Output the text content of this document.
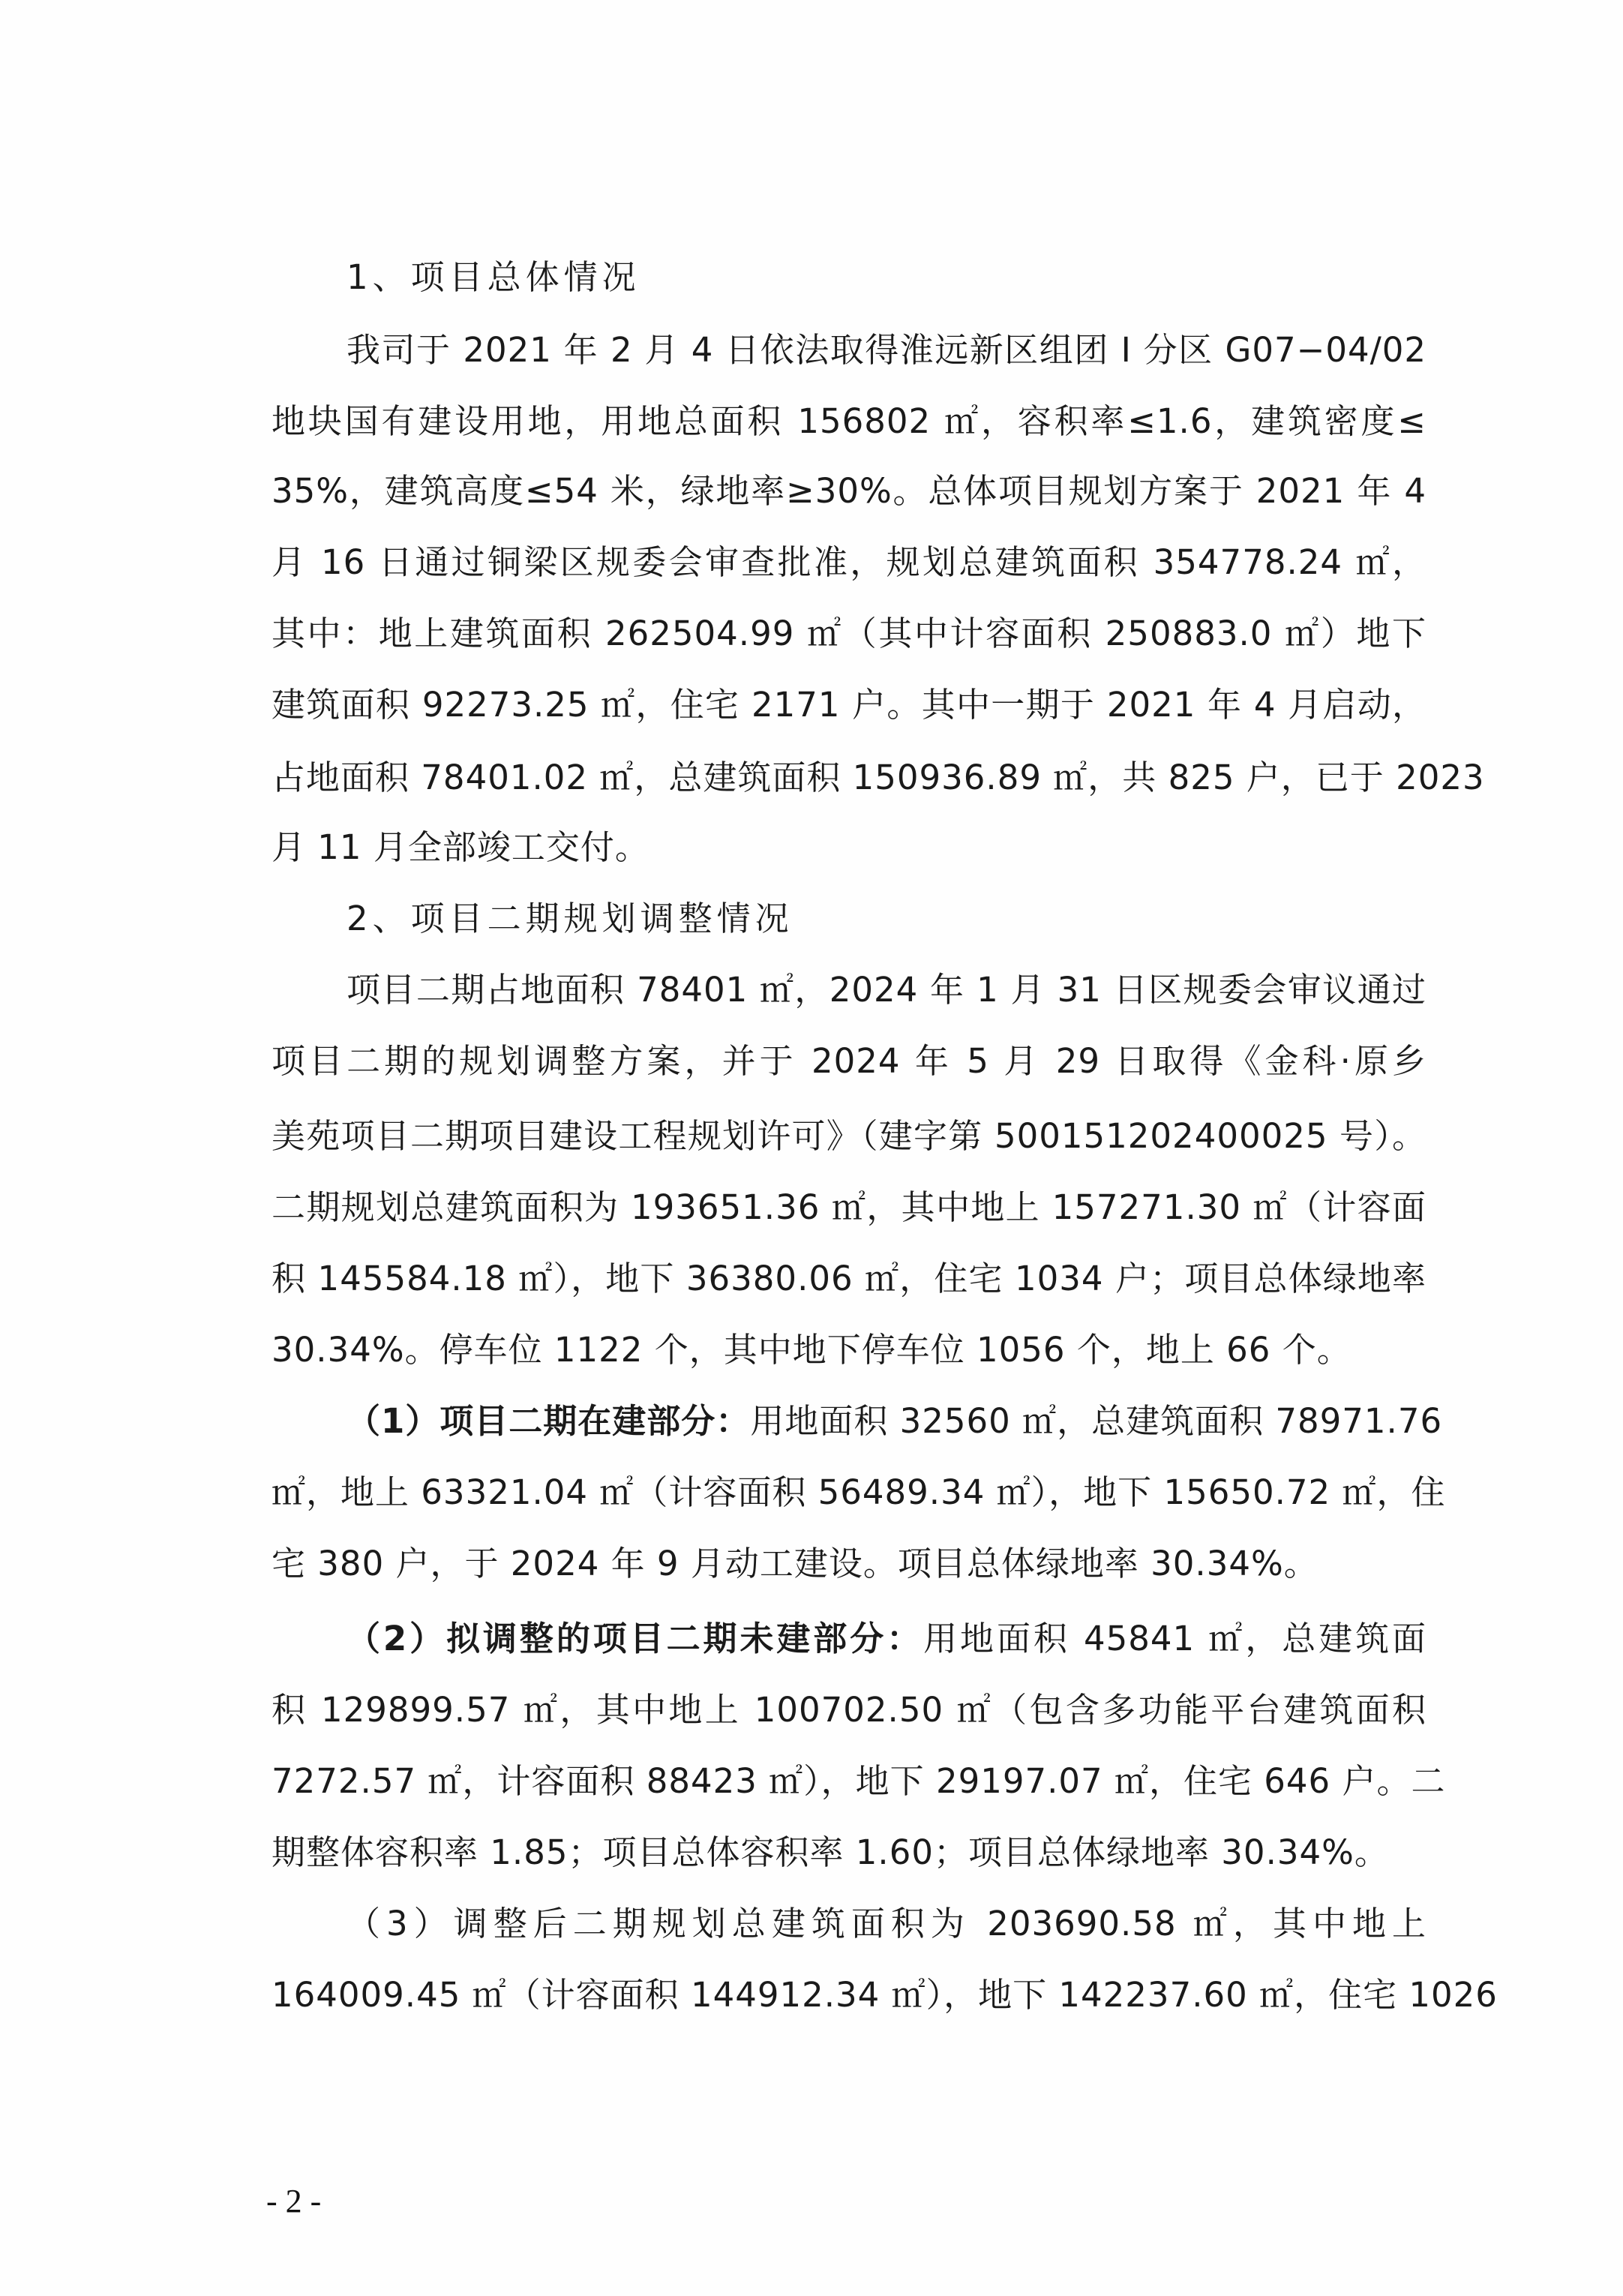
1、项目总体情况
我司于 2021 年 2 月 4 日依法取得淮远新区组团 I 分区 G07−04/02
地块国有建设用地，用地总面积 156802 ㎡，容积率≤1.6，建筑密度≤
35%，建筑高度≤54 米，绿地率≥30%。总体项目规划方案于 2021 年 4
月 16 日通过铜梁区规委会审查批准，规划总建筑面积 354778.24 ㎡，
其中：地上建筑面积 262504.99 ㎡（其中计容面积 250883.0 ㎡）地下
建筑面积 92273.25 ㎡，住宅 2171 户。其中一期于 2021 年 4 月启动，
占地面积 78401.02 ㎡，总建筑面积 150936.89 ㎡，共 825 户，已于 2023
月 11 月全部竣工交付。
2、项目二期规划调整情况
项目二期占地面积 78401 ㎡，2024 年 1 月 31 日区规委会审议通过
项目二期的规划调整方案，并于 2024 年 5 月 29 日取得《金科·原乡
美苑项目二期项目建设工程规划许可》（建字第 500151202400025 号）。
二期规划总建筑面积为 193651.36 ㎡，其中地上 157271.30 ㎡（计容面
积 145584.18 ㎡），地下 36380.06 ㎡，住宅 1034 户；项目总体绿地率
30.34%。停车位 1122 个，其中地下停车位 1056 个，地上 66 个。
（1）项目二期在建部分：用地面积 32560 ㎡，总建筑面积 78971.76
㎡，地上 63321.04 ㎡（计容面积 56489.34 ㎡），地下 15650.72 ㎡，住
宅 380 户，于 2024 年 9 月动工建设。项目总体绿地率 30.34%。
（2）拟调整的项目二期未建部分：用地面积 45841 ㎡，总建筑面
积 129899.57 ㎡，其中地上 100702.50 ㎡（包含多功能平台建筑面积
7272.57 ㎡，计容面积 88423 ㎡），地下 29197.07 ㎡，住宅 646 户。二
期整体容积率 1.85；项目总体容积率 1.60；项目总体绿地率 30.34%。
（3）调整后二期规划总建筑面积为 203690.58 ㎡，其中地上
164009.45 ㎡（计容面积 144912.34 ㎡），地下 142237.60 ㎡，住宅 1026
- 2 -
